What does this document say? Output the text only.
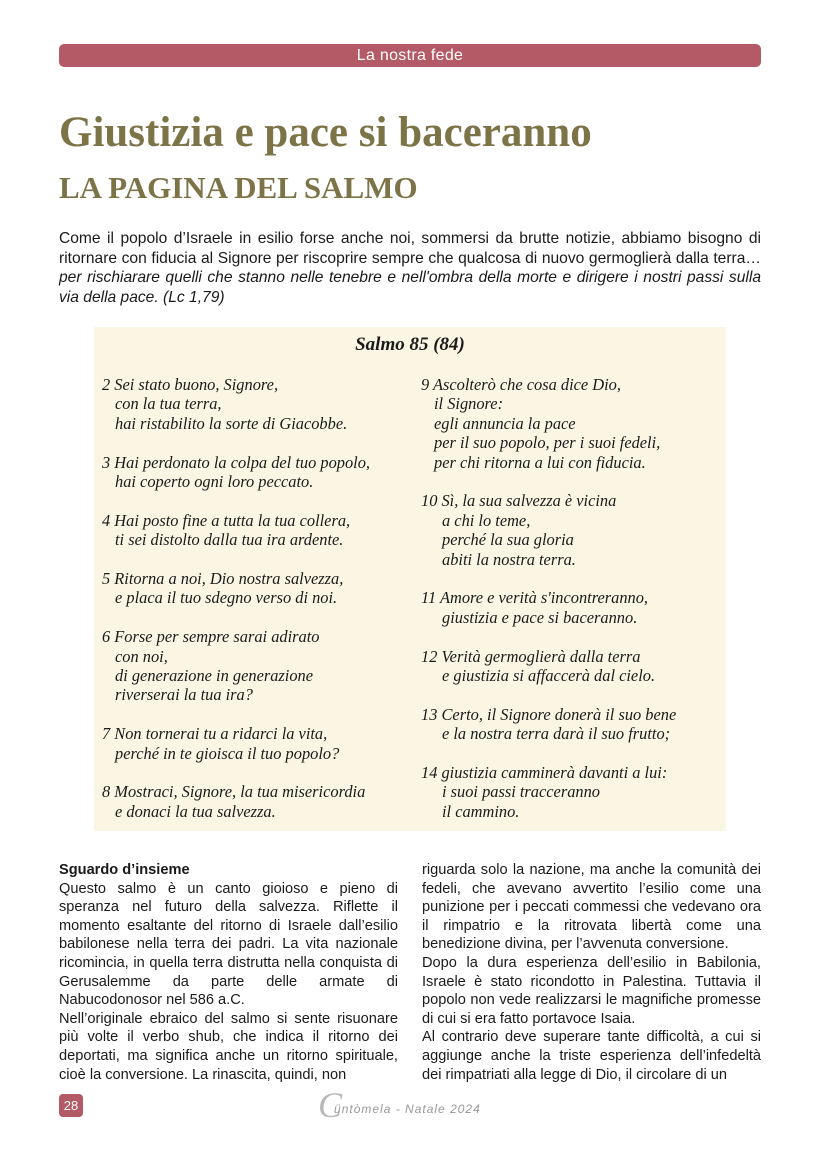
La nostra fede
Giustizia e pace si baceranno
LA PAGINA DEL SALMO

Come il popolo d’Israele in esilio forse anche noi, sommersi da brutte notizie, abbiamo bisogno di ritornare con fiducia al Signore per riscoprire sempre che qualcosa di nuovo germoglierà dalla terra… per rischiarare quelli che stanno nelle tenebre e nell'ombra della morte e dirigere i nostri passi sulla via della pace. (Lc 1,79)

Salmo 85 (84)
2 Sei stato buono, Signore,
con la tua terra,
hai ristabilito la sorte di Giacobbe.
3 Hai perdonato la colpa del tuo popolo,
hai coperto ogni loro peccato.
4 Hai posto fine a tutta la tua collera,
ti sei distolto dalla tua ira ardente.
5 Ritorna a noi, Dio nostra salvezza,
e placa il tuo sdegno verso di noi.
6 Forse per sempre sarai adirato
con noi,
di generazione in generazione
riverserai la tua ira?
7 Non tornerai tu a ridarci la vita,
perché in te gioisca il tuo popolo?
8 Mostraci, Signore, la tua misericordia
e donaci la tua salvezza.
9 Ascolterò che cosa dice Dio,
il Signore:
egli annuncia la pace
per il suo popolo, per i suoi fedeli,
per chi ritorna a lui con fiducia.
10 Sì, la sua salvezza è vicina
a chi lo teme,
perché la sua gloria
abiti la nostra terra.
11 Amore e verità s'incontreranno,
giustizia e pace si baceranno.
12 Verità germoglierà dalla terra
e giustizia si affaccerà dal cielo.
13 Certo, il Signore donerà il suo bene
e la nostra terra darà il suo frutto;
14 giustizia camminerà davanti a lui:
i suoi passi tracceranno
il cammino.

Sguardo d’insieme

Questo salmo è un canto gioioso e pieno di speranza nel futuro della salvezza. Riflette il momento esaltante del ritorno di Israele dall’esilio babilonese nella terra dei padri. La vita nazionale ricomincia, in quella terra distrutta nella conquista di Gerusalemme da parte delle armate di Nabucodonosor nel 586 a.C.

Nell’originale ebraico del salmo si sente risuonare più volte il verbo shub, che indica il ritorno dei deportati, ma significa anche un ritorno spirituale, cioè la conversione. La rinascita, quindi, non

riguarda solo la nazione, ma anche la comunità dei fedeli, che avevano avvertito l’esilio come una punizione per i peccati commessi che vedevano ora il rimpatrio e la ritrovata libertà come una benedizione divina, per l’avvenuta conversione.

Dopo la dura esperienza dell’esilio in Babilonia, Israele è stato ricondotto in Palestina. Tuttavia il popolo non vede realizzarsi le magnifiche promesse di cui si era fatto portavoce Isaia.

Al contrario deve superare tante difficoltà, a cui si aggiunge anche la triste esperienza dell’infedeltà dei rimpatriati alla legge di Dio, il circolare di un

28	$C^{üntòmela - Natale 2024}$
